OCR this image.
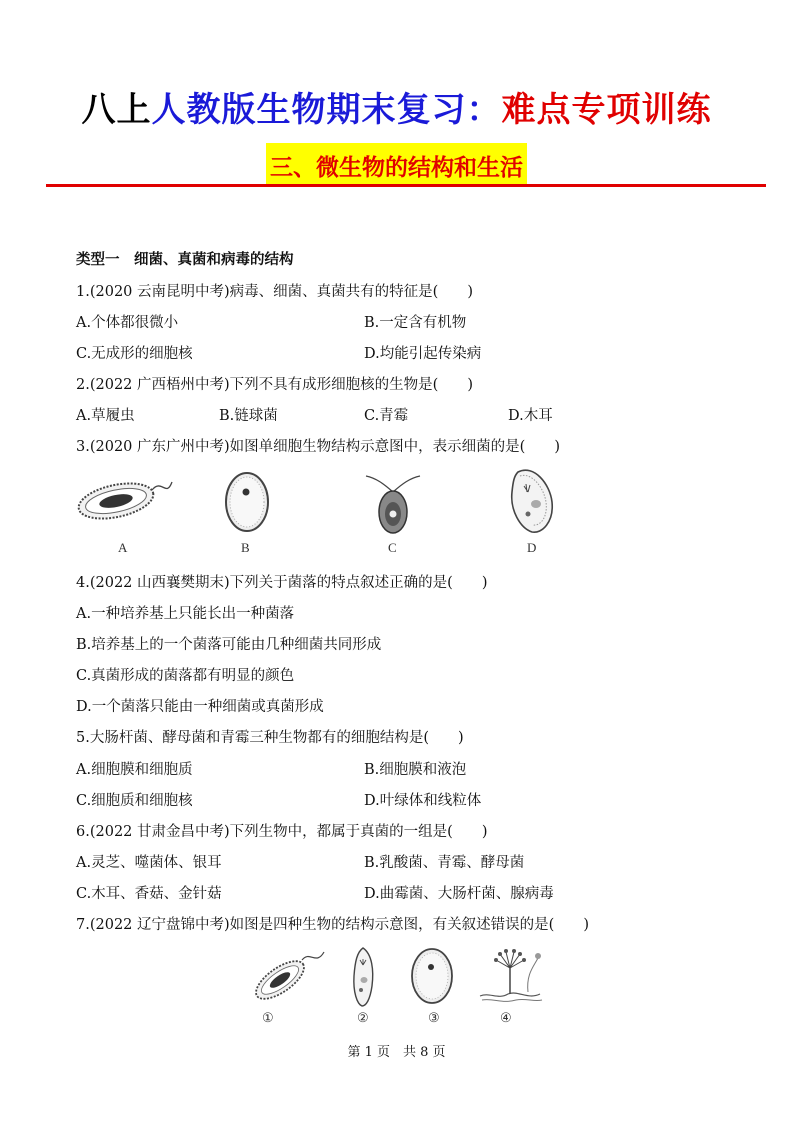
八上人教版生物期末复习：难点专项训练
三、微生物的结构和生活
类型一　细菌、真菌和病毒的结构
1.(2020 云南昆明中考)病毒、细菌、真菌共有的特征是(　　)
A.个体都很微小	B.一定含有机物
C.无成形的细胞核	D.均能引起传染病
2.(2022 广西梧州中考)下列不具有成形细胞核的生物是(　　)
A.草履虫	B.链球菌	C.青霉	D.木耳
3.(2020 广东广州中考)如图单细胞生物结构示意图中，表示细菌的是(　　)
A	B	C	D
4.(2022 山西襄樊期末)下列关于菌落的特点叙述正确的是(　　)
A.一种培养基上只能长出一种菌落
B.培养基上的一个菌落可能由几种细菌共同形成
C.真菌形成的菌落都有明显的颜色
D.一个菌落只能由一种细菌或真菌形成
5.大肠杆菌、酵母菌和青霉三种生物都有的细胞结构是(　　)
A.细胞膜和细胞质	B.细胞膜和液泡
C.细胞质和细胞核	D.叶绿体和线粒体
6.(2022 甘肃金昌中考)下列生物中，都属于真菌的一组是(　　)
A.灵芝、噬菌体、银耳	B.乳酸菌、青霉、酵母菌
C.木耳、香菇、金针菇	D.曲霉菌、大肠杆菌、腺病毒
7.(2022 辽宁盘锦中考)如图是四种生物的结构示意图，有关叙述错误的是(　　)
①	②	③	④
第 1 页　共 8 页
